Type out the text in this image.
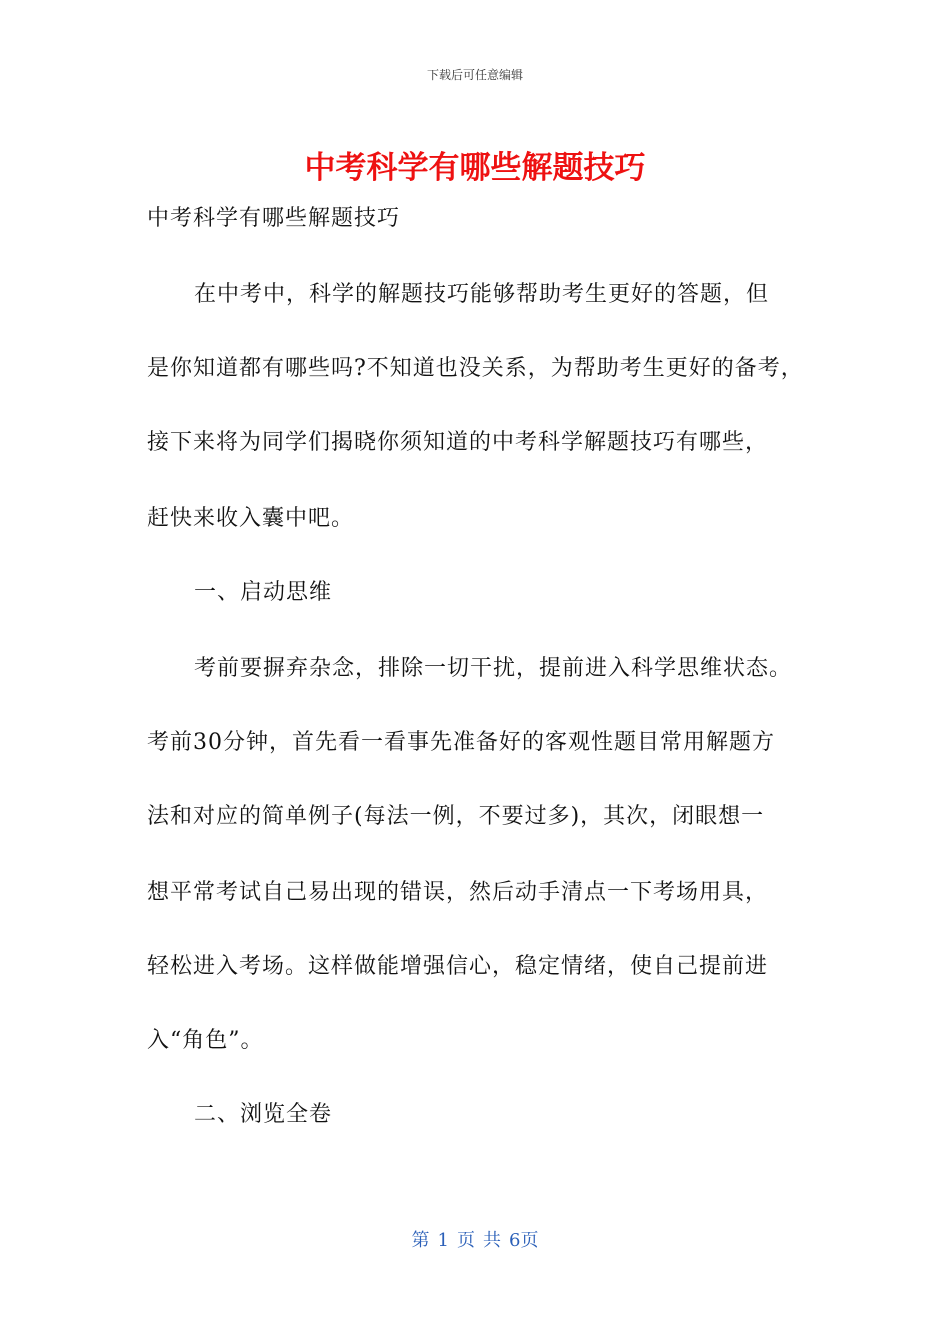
下载后可任意编辑
中考科学有哪些解题技巧

中考科学有哪些解题技巧

在中考中，科学的解题技巧能够帮助考生更好的答题，但

是你知道都有哪些吗?不知道也没关系，为帮助考生更好的备考，

接下来将为同学们揭晓你须知道的中考科学解题技巧有哪些，

赶快来收入囊中吧。

一、启动思维

考前要摒弃杂念，排除一切干扰，提前进入科学思维状态。

考前30分钟，首先看一看事先准备好的客观性题目常用解题方

法和对应的简单例子(每法一例，不要过多)，其次，闭眼想一

想平常考试自己易出现的错误，然后动手清点一下考场用具，

轻松进入考场。这样做能增强信心，稳定情绪，使自己提前进

入“角色”。

二、浏览全卷

第 1 页 共 6页
